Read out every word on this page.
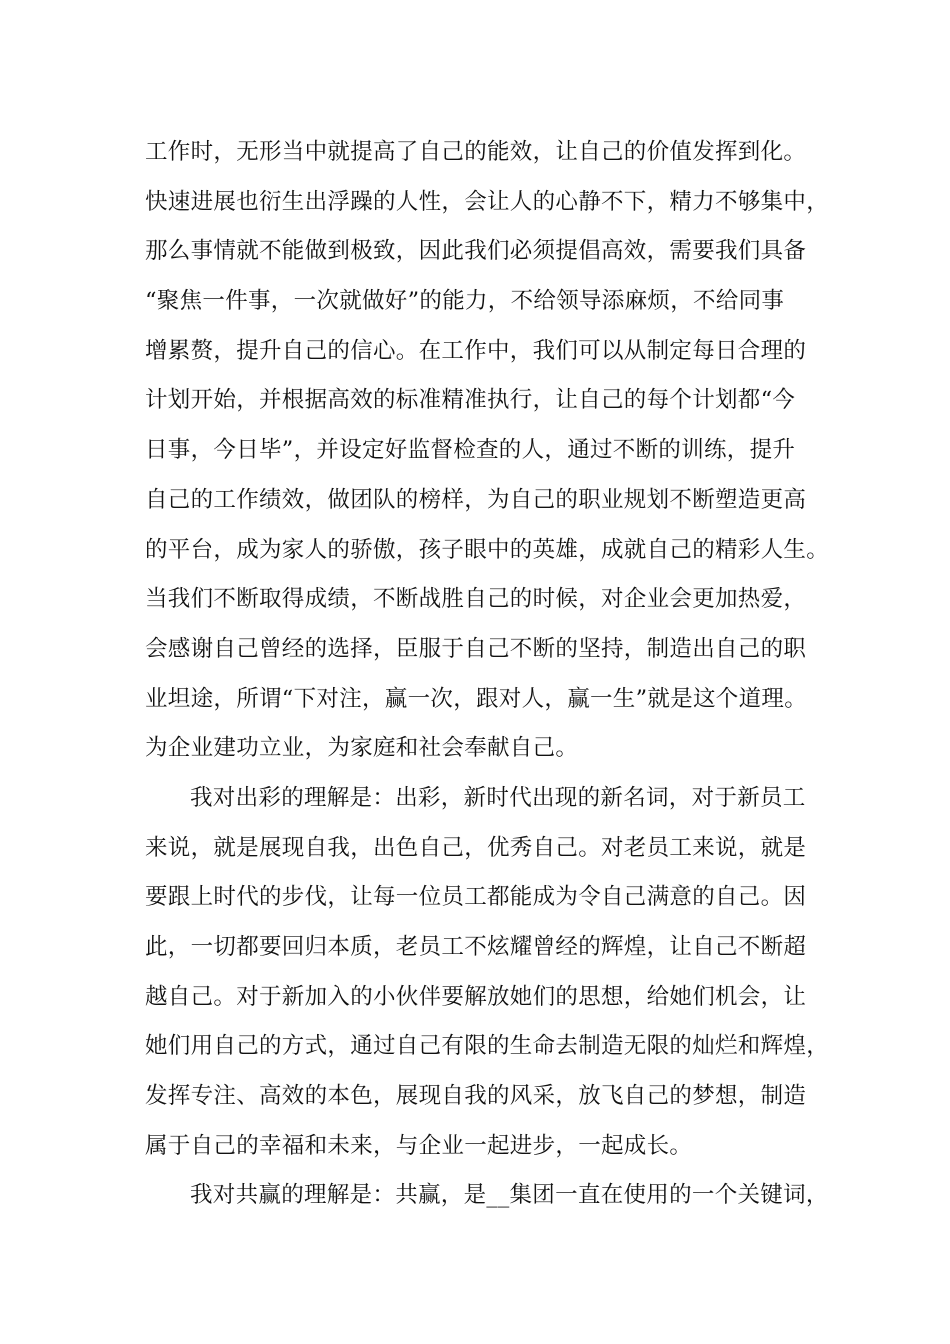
工作时，无形当中就提高了自己的能效，让自己的价值发挥到化。
快速进展也衍生出浮躁的人性，会让人的心静不下，精力不够集中，
那么事情就不能做到极致，因此我们必须提倡高效，需要我们具备
“聚焦一件事，一次就做好”的能力，不给领导添麻烦，不给同事
增累赘，提升自己的信心。在工作中，我们可以从制定每日合理的
计划开始，并根据高效的标准精准执行，让自己的每个计划都“今
日事，今日毕”，并设定好监督检查的人，通过不断的训练，提升
自己的工作绩效，做团队的榜样，为自己的职业规划不断塑造更高
的平台，成为家人的骄傲，孩子眼中的英雄，成就自己的精彩人生。
当我们不断取得成绩，不断战胜自己的时候，对企业会更加热爱，
会感谢自己曾经的选择，臣服于自己不断的坚持，制造出自己的职
业坦途，所谓“下对注，赢一次，跟对人，赢一生”就是这个道理。
为企业建功立业，为家庭和社会奉献自己。
我对出彩的理解是：出彩，新时代出现的新名词，对于新员工
来说，就是展现自我，出色自己，优秀自己。对老员工来说，就是
要跟上时代的步伐，让每一位员工都能成为令自己满意的自己。因
此，一切都要回归本质，老员工不炫耀曾经的辉煌，让自己不断超
越自己。对于新加入的小伙伴要解放她们的思想，给她们机会，让
她们用自己的方式，通过自己有限的生命去制造无限的灿烂和辉煌，
发挥专注、高效的本色，展现自我的风采，放飞自己的梦想，制造
属于自己的幸福和未来，与企业一起进步，一起成长。
我对共赢的理解是：共赢，是__集团一直在使用的一个关键词，
